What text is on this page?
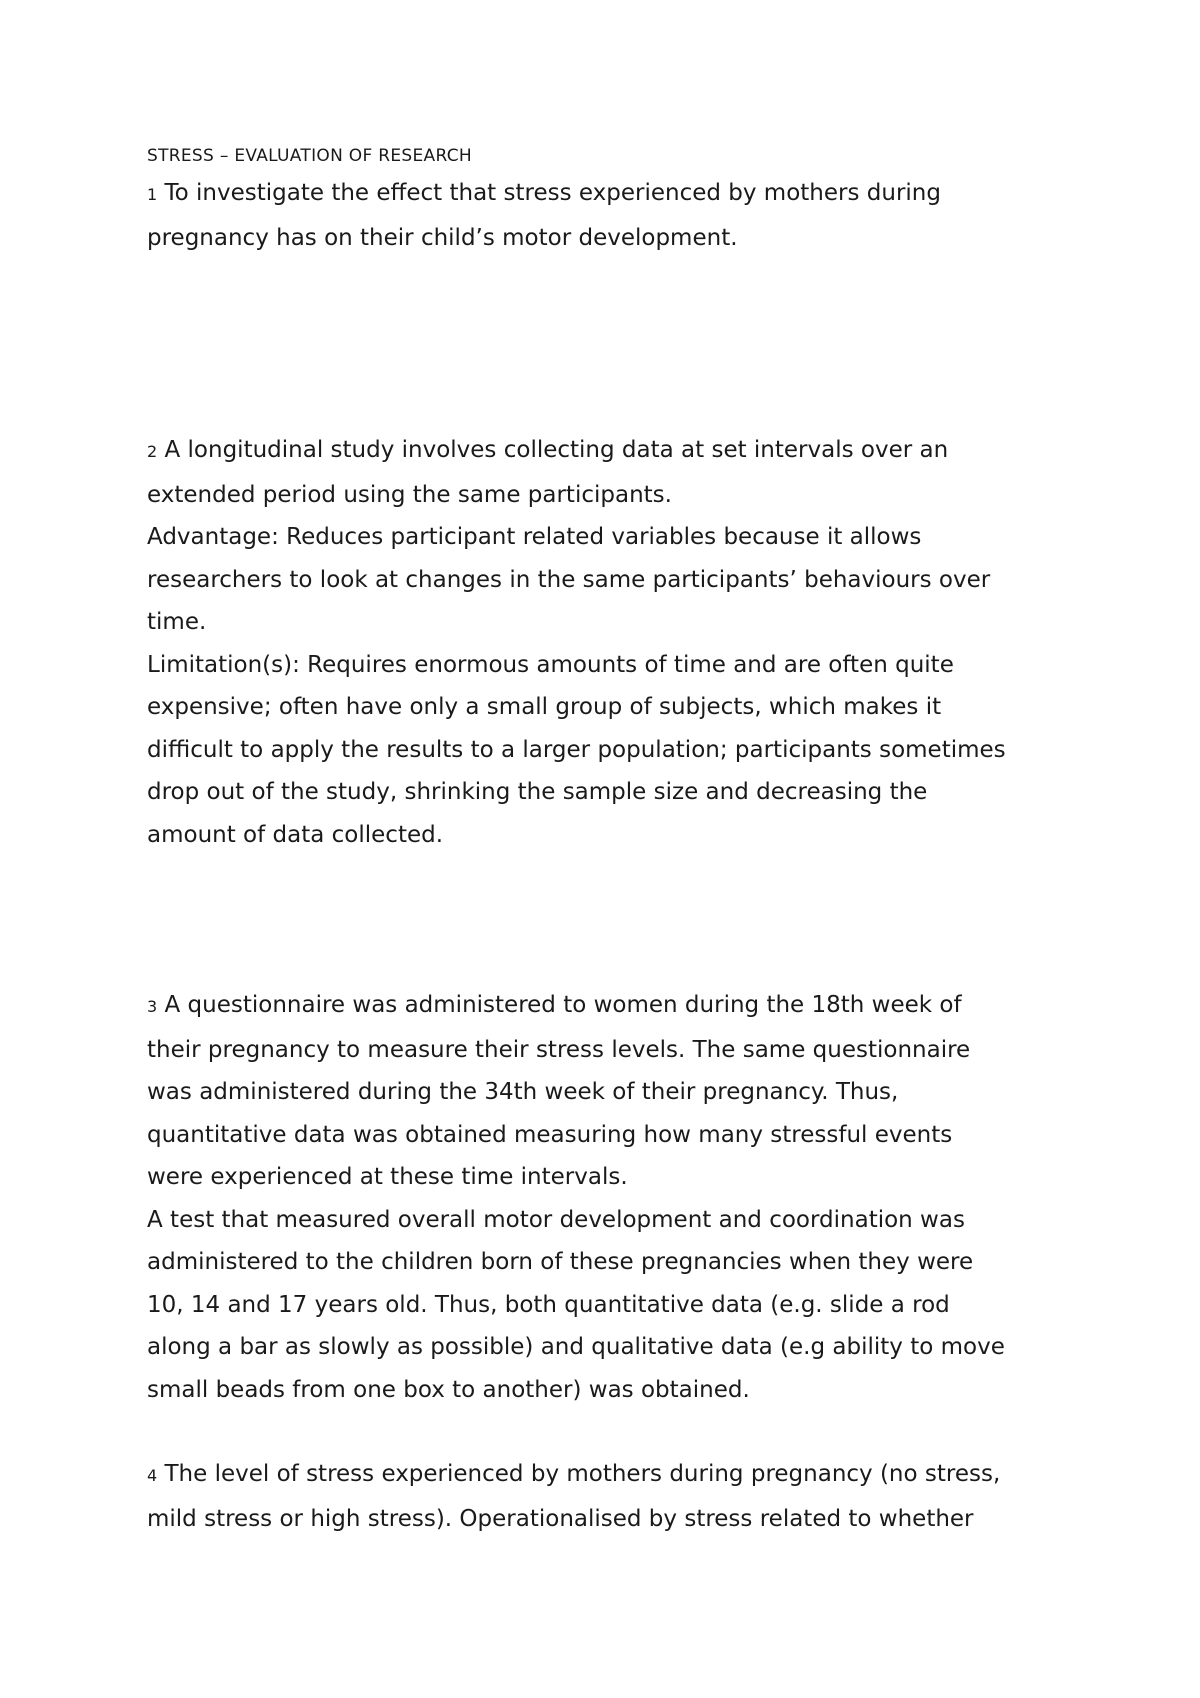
STRESS – EVALUATION OF RESEARCH

1 To investigate the effect that stress experienced by mothers during

pregnancy has on their child’s motor development.

2 A longitudinal study involves collecting data at set intervals over an

extended period using the same participants.

Advantage: Reduces participant related variables because it allows

researchers to look at changes in the same participants’ behaviours over

time.

Limitation(s): Requires enormous amounts of time and are often quite

expensive; often have only a small group of subjects, which makes it

difficult to apply the results to a larger population; participants sometimes

drop out of the study, shrinking the sample size and decreasing the

amount of data collected.

3 A questionnaire was administered to women during the 18th week of

their pregnancy to measure their stress levels. The same questionnaire

was administered during the 34th week of their pregnancy. Thus,

quantitative data was obtained measuring how many stressful events

were experienced at these time intervals.

A test that measured overall motor development and coordination was

administered to the children born of these pregnancies when they were

10, 14 and 17 years old. Thus, both quantitative data (e.g. slide a rod

along a bar as slowly as possible) and qualitative data (e.g ability to move

small beads from one box to another) was obtained.

4 The level of stress experienced by mothers during pregnancy (no stress,

mild stress or high stress). Operationalised by stress related to whether
